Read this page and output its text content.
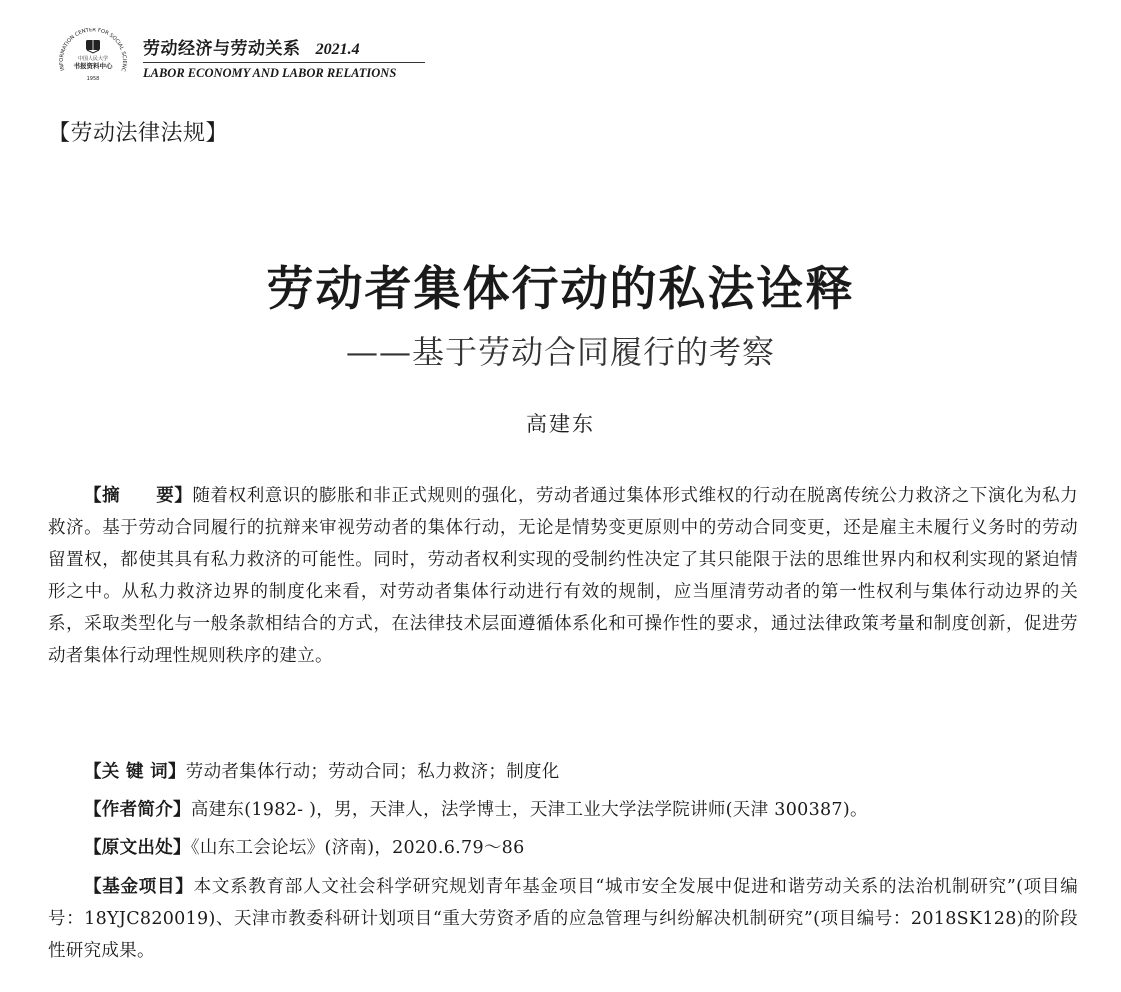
INFORMATION CENTER FOR SOCIAL SCIENC
中国人民大学
书报资料中心
1958
劳动经济与劳动关系 2021.4
LABOR ECONOMY AND LABOR RELATIONS
【劳动法律法规】
劳动者集体行动的私法诠释
——基于劳动合同履行的考察
高建东
【摘　　要】随着权利意识的膨胀和非正式规则的强化，劳动者通过集体形式维权的行动在脱离传统公力救济之下演化为私力救济。基于劳动合同履行的抗辩来审视劳动者的集体行动，无论是情势变更原则中的劳动合同变更，还是雇主未履行义务时的劳动留置权，都使其具有私力救济的可能性。同时，劳动者权利实现的受制约性决定了其只能限于法的思维世界内和权利实现的紧迫情形之中。从私力救济边界的制度化来看，对劳动者集体行动进行有效的规制，应当厘清劳动者的第一性权利与集体行动边界的关系，采取类型化与一般条款相结合的方式，在法律技术层面遵循体系化和可操作性的要求，通过法律政策考量和制度创新，促进劳动者集体行动理性规则秩序的建立。
【关 键 词】劳动者集体行动；劳动合同；私力救济；制度化
【作者简介】高建东(1982- )，男，天津人，法学博士，天津工业大学法学院讲师(天津 300387)。
【原文出处】《山东工会论坛》(济南)，2020.6.79～86
【基金项目】本文系教育部人文社会科学研究规划青年基金项目“城市安全发展中促进和谐劳动关系的法治机制研究”(项目编号：18YJC820019)、天津市教委科研计划项目“重大劳资矛盾的应急管理与纠纷解决机制研究”(项目编号：2018SK128)的阶段性研究成果。
